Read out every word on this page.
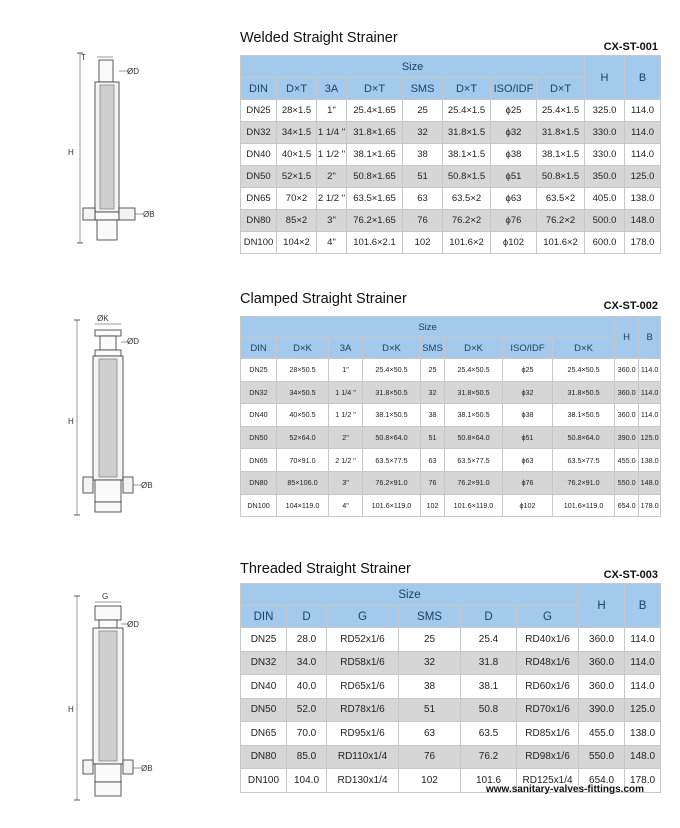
Welded Straight Strainer
CX-ST-001
T
ØD
H
ØB
Size								H	B
DIN	D×T	3A	D×T	SMS	D×T	ISO/IDF	D×T		
DN25	28×1.5	1"	25.4×1.65	25	25.4×1.5	ϕ25	25.4×1.5	325.0	114.0
DN32	34×1.5	1 1/4 "	31.8×1.65	32	31.8×1.5	ϕ32	31.8×1.5	330.0	114.0
DN40	40×1.5	1 1/2 "	38.1×1.65	38	38.1×1.5	ϕ38	38.1×1.5	330.0	114.0
DN50	52×1.5	2"	50.8×1.65	51	50.8×1.5	ϕ51	50.8×1.5	350.0	125.0
DN65	70×2	2 1/2 "	63.5×1.65	63	63.5×2	ϕ63	63.5×2	405.0	138.0
DN80	85×2	3"	76.2×1.65	76	76.2×2	ϕ76	76.2×2	500.0	148.0
DN100	104×2	4"	101.6×2.1	102	101.6×2	ϕ102	101.6×2	600.0	178.0
Clamped Straight Strainer	CX-ST-002
ØK
ØD
H
ØB
Size								H	B
DIN	D×K	3A	D×K	SMS	D×K	ISO/IDF	D×K		
DN25	28×50.5	1"	25.4×50.5	25	25.4×50.5	ϕ25	25.4×50.5	360.0	114.0
DN32	34×50.5	1 1/4 "	31.8×50.5	32	31.8×50.5	ϕ32	31.8×50.5	360.0	114.0
DN40	40×50.5	1 1/2 "	38.1×50.5	38	38.1×50.5	ϕ38	38.1×50.5	360.0	114.0
DN50	52×64.0	2"	50.8×64.0	51	50.8×64.0	ϕ51	50.8×64.0	390.0	125.0
DN65	70×91.0	2 1/2 "	63.5×77.5	63	63.5×77.5	ϕ63	63.5×77.5	455.0	138.0
DN80	85×106.0	3"	76.2×91.0	76	76.2×91.0	ϕ76	76.2×91.0	550.0	148.0
DN100	104×119.0	4"	101.6×119.0	102	101.6×119.0	ϕ102	101.6×119.0	654.0	178.0
Threaded Straight Strainer	CX-ST-003
G
ØD
H
ØB
Size						H	B
DIN	D	G	SMS	D	G		
DN25	28.0	RD52x1/6	25	25.4	RD40x1/6	360.0	114.0
DN32	34.0	RD58x1/6	32	31.8	RD48x1/6	360.0	114.0
DN40	40.0	RD65x1/6	38	38.1	RD60x1/6	360.0	114.0
DN50	52.0	RD78x1/6	51	50.8	RD70x1/6	390.0	125.0
DN65	70.0	RD95x1/6	63	63.5	RD85x1/6	455.0	138.0
DN80	85.0	RD110x1/4	76	76.2	RD98x1/6	550.0	148.0
DN100	104.0	RD130x1/4	102	101.6	RD125x1/4	654.0	178.0
www.sanitary-valves-fittings.com
